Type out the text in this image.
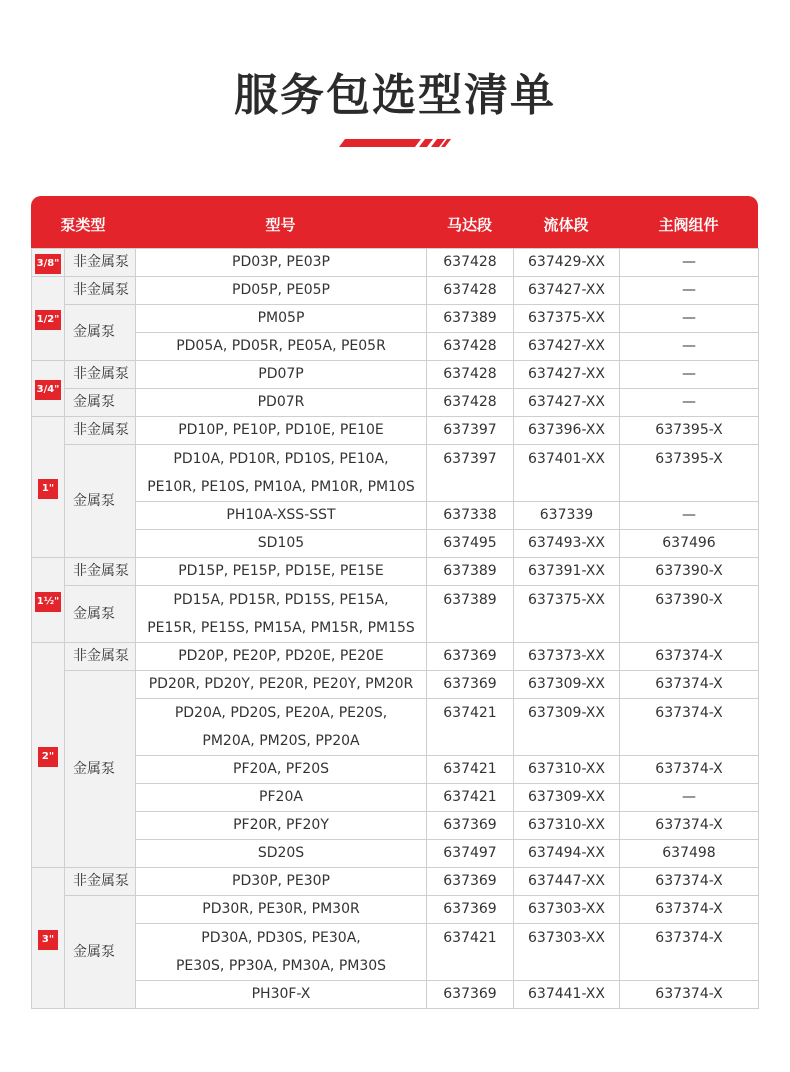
服务包选型清单
泵类型	型号	马达段	流体段	主阀组件
3/8"	非金属泵	PD03P, PE03P	637428	637429-XX	—
1/2"	非金属泵	PD05P, PE05P	637428	637427-XX	—
	金属泵	PM05P	637389	637375-XX	—
		PD05A, PD05R, PE05A, PE05R	637428	637427-XX	—
3/4"	非金属泵	PD07P	637428	637427-XX	—
	金属泵	PD07R	637428	637427-XX	—
1"	非金属泵	PD10P, PE10P, PD10E, PE10E	637397	637396-XX	637395-X
	金属泵	PD10A, PD10R, PD10S, PE10A,
PE10R, PE10S, PM10A, PM10R, PM10S	637397	637401-XX	637395-X

		PH10A-XSS-SST	637338	637339	—
		SD105	637495	637493-XX	637496
1½"	非金属泵	PD15P, PE15P, PD15E, PE15E	637389	637391-XX	637390-X
	金属泵	PD15A, PD15R, PD15S, PE15A,
PE15R, PE15S, PM15A, PM15R, PM15S	637389	637375-XX	637390-X

2"	非金属泵	PD20P, PE20P, PD20E, PE20E	637369	637373-XX	637374-X
	金属泵	PD20R, PD20Y, PE20R, PE20Y, PM20R	637369	637309-XX	637374-X

		PD20A, PD20S, PE20A, PE20S,
PM20A, PM20S, PP20A	637421	637309-XX	637374-X

		PF20A, PF20S	637421	637310-XX	637374-X
		PF20A	637421	637309-XX	—
		PF20R, PF20Y	637369	637310-XX	637374-X
		SD20S	637497	637494-XX	637498
3"	非金属泵	PD30P, PE30P	637369	637447-XX	637374-X
	金属泵	PD30R, PE30R, PM30R	637369	637303-XX	637374-X

		PD30A, PD30S, PE30A,
PE30S, PP30A, PM30A, PM30S	637421	637303-XX	637374-X

		PH30F-X	637369	637441-XX	637374-X
